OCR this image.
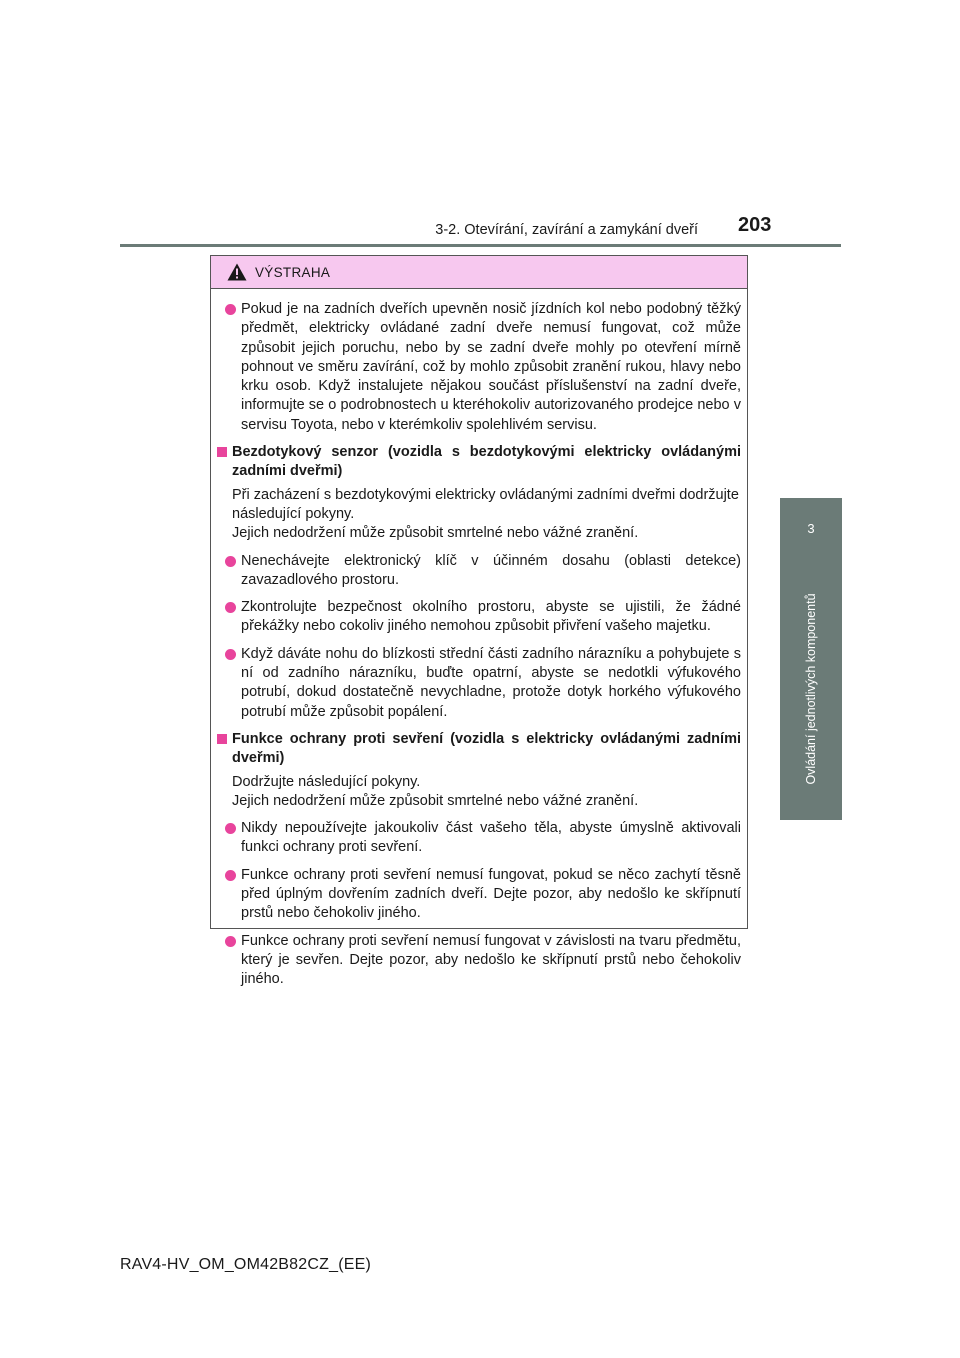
3-2. Otevírání, zavírání a zamykání dveří 203
3
Ovládání jednotlivých komponentů
VÝSTRAHA
Pokud je na zadních dveřích upevněn nosič jízdních kol nebo podobný těžký předmět, elektricky ovládané zadní dveře nemusí fungovat, což může způsobit jejich poruchu, nebo by se zadní dveře mohly po otevření mírně pohnout ve směru zavírání, což by mohlo způsobit zranění rukou, hlavy nebo krku osob. Když instalujete nějakou součást příslušenství na zadní dveře, informujte se o podrobnostech u kteréhokoliv autorizovaného prodejce nebo v servisu Toyota, nebo v kterémkoliv spolehlivém servisu.
Bezdotykový senzor (vozidla s bezdotykovými elektricky ovládanými zadními dveřmi)
Při zacházení s bezdotykovými elektricky ovládanými zadními dveřmi dodržujte následující pokyny.
Jejich nedodržení může způsobit smrtelné nebo vážné zranění.
Nenechávejte elektronický klíč v účinném dosahu (oblasti detekce) zavazadlového prostoru.
Zkontrolujte bezpečnost okolního prostoru, abyste se ujistili, že žádné překážky nebo cokoliv jiného nemohou způsobit přivření vašeho majetku.
Když dáváte nohu do blízkosti střední části zadního nárazníku a pohybujete s ní od zadního nárazníku, buďte opatrní, abyste se nedotkli výfukového potrubí, dokud dostatečně nevychladne, protože dotyk horkého výfukového potrubí může způsobit popálení.
Funkce ochrany proti sevření (vozidla s elektricky ovládanými zadními dveřmi)
Dodržujte následující pokyny.
Jejich nedodržení může způsobit smrtelné nebo vážné zranění.
Nikdy nepoužívejte jakoukoliv část vašeho těla, abyste úmyslně aktivovali funkci ochrany proti sevření.
Funkce ochrany proti sevření nemusí fungovat, pokud se něco zachytí těsně před úplným dovřením zadních dveří. Dejte pozor, aby nedošlo ke skřípnutí prstů nebo čehokoliv jiného.
Funkce ochrany proti sevření nemusí fungovat v závislosti na tvaru předmětu, který je sevřen. Dejte pozor, aby nedošlo ke skřípnutí prstů nebo čehokoliv jiného.
RAV4-HV_OM_OM42B82CZ_(EE)
